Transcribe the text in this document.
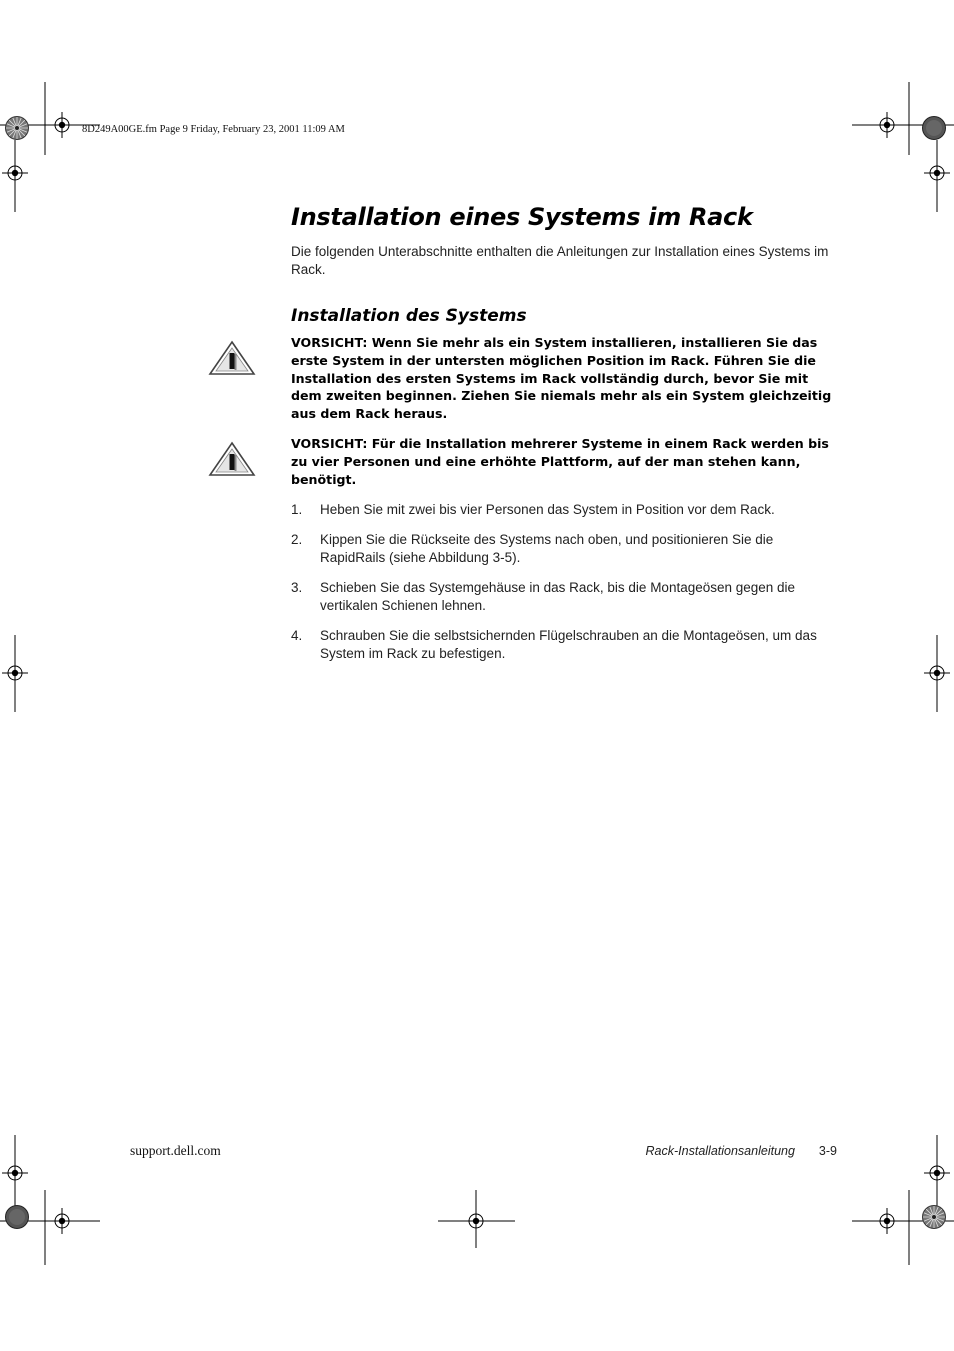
8D249A00GE.fm Page 9 Friday, February 23, 2001 11:09 AM
Installation eines Systems im Rack
Die folgenden Unterabschnitte enthalten die Anleitungen zur Installation eines Systems im Rack.
Installation des Systems
VORSICHT: Wenn Sie mehr als ein System installieren, installieren Sie das erste System in der untersten möglichen Position im Rack. Führen Sie die Installation des ersten Systems im Rack vollständig durch, bevor Sie mit dem zweiten beginnen. Ziehen Sie niemals mehr als ein System gleichzeitig aus dem Rack heraus.
VORSICHT: Für die Installation mehrerer Systeme in einem Rack werden bis zu vier Personen und eine erhöhte Plattform, auf der man stehen kann, benötigt.
1. Heben Sie mit zwei bis vier Personen das System in Position vor dem Rack.
2. Kippen Sie die Rückseite des Systems nach oben, und positionieren Sie die RapidRails (siehe Abbildung 3-5).
3. Schieben Sie das Systemgehäuse in das Rack, bis die Montageösen gegen die vertikalen Schienen lehnen.
4. Schrauben Sie die selbstsichernden Flügelschrauben an die Montageösen, um das System im Rack zu befestigen.
support.dell.com	Rack-Installationsanleitung 3-9
